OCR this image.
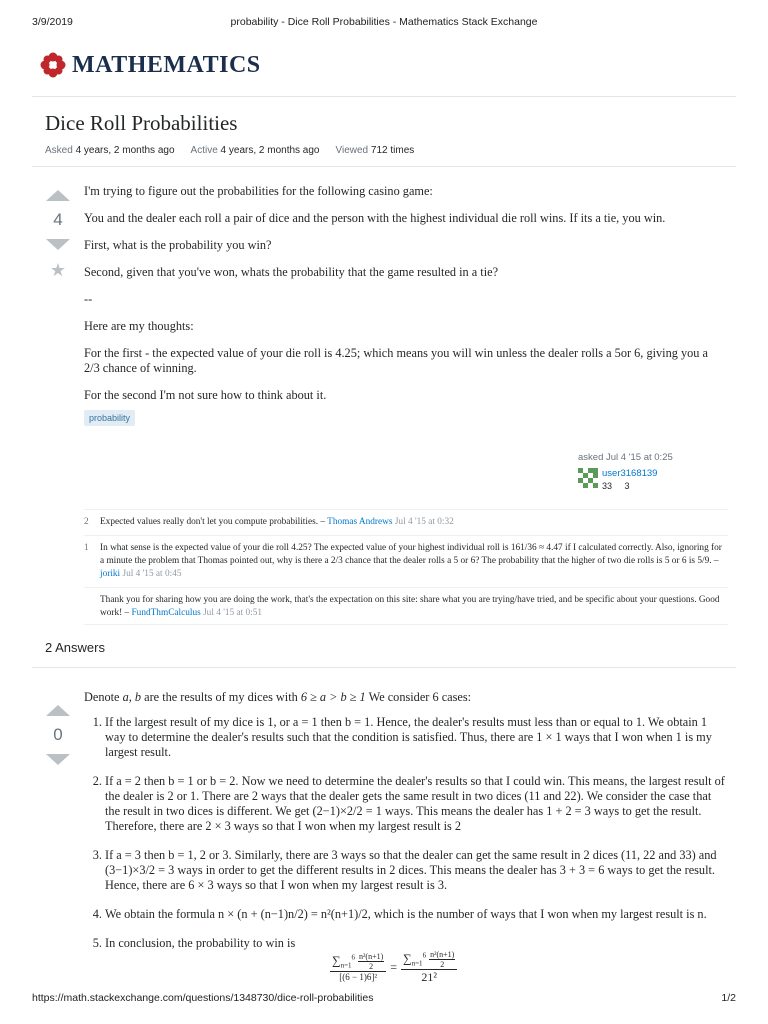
3/9/2019	probability - Dice Roll Probabilities - Mathematics Stack Exchange
MATHEMATICS
Dice Roll Probabilities
Asked 4 years, 2 months ago Active 4 years, 2 months ago Viewed 712 times
4
★

I'm trying to figure out the probabilities for the following casino game:

You and the dealer each roll a pair of dice and the person with the highest individual die roll wins. If its a tie, you win.

First, what is the probability you win?

Second, given that you've won, whats the probability that the game resulted in a tie?

--

Here are my thoughts:

For the first - the expected value of your die roll is 4.25; which means you will win unless the dealer rolls a 5or 6, giving you a 2/3 chance of winning.

For the second I'm not sure how to think about it.

probability
asked Jul 4 '15 at 0:25
user3168139
33 3
2	Expected values really don't let you compute probabilities. – Thomas Andrews Jul 4 '15 at 0:32
1	In what sense is the expected value of your die roll 4.25? The expected value of your highest individual roll is 161/36 ≈ 4.47 if I calculated correctly. Also, ignoring for a minute the problem that Thomas pointed out, why is there a 2/3 chance that the dealer rolls a 5 or 6? The probability that the higher of two die rolls is 5 or 6 is 5/9. – joriki Jul 4 '15 at 0:45
Thank you for sharing how you are doing the work, that's the expectation on this site: share what you are trying/have tried, and be specific about your questions. Good work! – FundThmCalculus Jul 4 '15 at 0:51
2 Answers
0
Denote a, b are the results of my dices with 6 ≥ a > b ≥ 1 We consider 6 cases:
1. If the largest result of my dice is 1, or a = 1 then b = 1. Hence, the dealer's results must less than or equal to 1. We obtain 1 way to determine the dealer's results such that the condition is satisfied. Thus, there are 1 × 1 ways that I won when 1 is my largest result.
2. If a = 2 then b = 1 or b = 2. Now we need to determine the dealer's results so that I could win. This means, the largest result of the dealer is 2 or 1. There are 2 ways that the dealer gets the same result in two dices (11 and 22). We consider the case that the result in two dices is different. We get (2−1)×2/2 = 1 ways. This means the dealer has 1 + 2 = 3 ways to get the result. Therefore, there are 2 × 3 ways so that I won when my largest result is 2
3. If a = 3 then b = 1, 2 or 3. Similarly, there are 3 ways so that the dealer can get the same result in 2 dices (11, 22 and 33) and (3−1)×3/2 = 3 ways in order to get the different results in 2 dices. This means the dealer has 3 + 3 = 6 ways to get the result. Hence, there are 6 × 3 ways so that I won when my largest result is 3.
4. We obtain the formula n × (n + (n−1)n/2) = n²(n+1)/2, which is the number of ways that I won when my largest result is n.
5. In conclusion, the probability to win is
$\sum_{n=1}^6 \frac{\text{n²(n+1)}}{2}$
[(6 − 1)6]²
= $\frac{\sum_{n=1}^6 \frac{\text{n²(n+1)}}{2}}{\text{21²}}$
https://math.stackexchange.com/questions/1348730/dice-roll-probabilities	1/2
